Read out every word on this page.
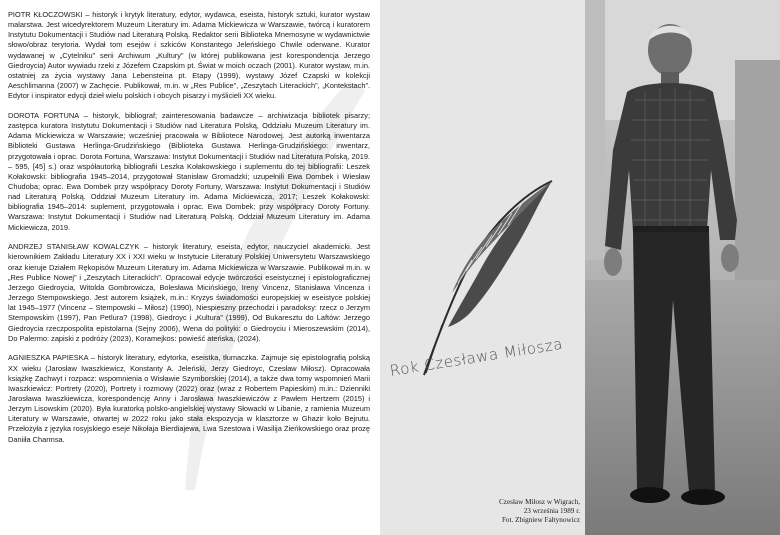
PIOTR KŁOCZOWSKI – historyk i krytyk literatury, edytor, wydawca, eseista, historyk sztuki, kurator wystaw malarstwa. Jest wicedyrektorem Muzeum Literatury im. Adama Mickiewicza w Warszawie, twórcą i kuratorem Instytutu Dokumentacji i Studiów nad Literaturą Polską. Redaktor serii Biblioteka Mnemosyne w wydawnictwie słowo/obraz terytoria. Wydał tom esejów i szkiców Konstantego Jeleńskiego Chwile oderwane. Kurator wydawanej w „Cytelniku” serii Archiwum „Kultury” (w której publikowana jest korespondencja Jerzego Giedroycia) Autor wywiadu rzeki z Józefem Czapskim pt. Świat w moich oczach (2001). Kurator wystaw, m.in. ostatniej za życia wystawy Jana Lebensteina pt. Etapy (1999), wystawy Józef Czapski w kolekcji Aeschlimanna (2007) w Zachęcie. Publikował, m.in. w „Res Publice”, „Zeszytach Literackich”, „Kontekstach”. Edytor i inspirator edycji dzieł wielu polskich i obcych pisarzy i myślicieli XX wieku.

DOROTA FORTUNA – historyk, bibliograf; zainteresowania badawcze – archiwizacja bibliotek pisarzy; zastępca kuratora Instytutu Dokumentacji i Studiów nad Literatura Polską, Oddziału Muzeum Literatury im. Adama Mickiewicza w Warszawie; wcześniej pracowała w Bibliotece Narodowej. Jest autorką inwentarza Biblioteki Gustawa Herlinga-Grudzińskiego (Biblioteka Gustawa Herlinga-Grudzińskiego: inwentarz, przygotowała i oprac. Dorota Fortuna, Warszawa: Instytut Dokumentacji i Studiów nad Literatura Polską, 2019. – 595, [45] s.) oraz współautorką bibliografii Leszka Kołakowskiego i suplementu do tej bibliografii: Leszek Kołakowski: bibliografia 1945–2014, przygotował Stanisław Gromadzki; uzupełnili Ewa Dombek i Wiesław Chudoba; oprac. Ewa Dombek przy współpracy Doroty Fortuny, Warszawa: Instytut Dokumentacji i Studiów nad Literaturą Polską. Oddział Muzeum Literatury im. Adama Mickiewicza, 2017; Leszek Kołakowski: bibliografia 1945–2014: suplement, przygotowała i oprac. Ewa Dombek; przy współpracy Doroty Fortuny. Warszawa: Instytut Dokumentacji i Studiów nad Literaturą Polską. Oddział Muzeum Literatury im. Adama Mickiewicza, 2019.

ANDRZEJ STANISŁAW KOWALCZYK – historyk literatury, eseista, edytor, nauczyciel akademicki. Jest kierownikiem Zakładu Literatury XX i XXI wieku w Instytucie Literatury Polskiej Uniwersytetu Warszawskiego oraz kieruje Działem Rękopisów Muzeum Literatury im. Adama Mickiewicza w Warszawie. Publikował m.in. w „Res Publice Nowej” i „Zeszytach Literackich”. Opracował edycje twórczości eseistycznej i epistolograficznej Jerzego Giedroycia, Witolda Gombrowicza, Bolesława Micińskiego, Ireny Vincenz, Stanisława Vincenza i Jerzego Stempowskiego. Jest autorem książek, m.in.: Kryzys świadomości europejskiej w eseistyce polskiej lat 1945–1977 (Vincenz – Stempowski – Miłosz) (1990), Niespieszny przechodzi i paradoksy: rzecz o Jerzym Stempowskim (1997), Pan Petlura? (1998), Giedroyc i „Kultura” (1999), Od Bukaresztu do Laftów: Jerzego Giedroycia rzeczpospolita epistolarna (Sejny 2006), Wena do polityki: o Giedroyciu i Mieroszewskim (2014), Do Palermo: zapiski z podróży (2023), Koramejkos: powieść ateńska, (2024).

AGNIESZKA PAPIESKA – historyk literatury, edytorka, eseistka, tłumaczka. Zajmuje się epistolografią polską XX wieku (Jarosław Iwaszkiewicz, Konstanty A. Jeleński, Jerzy Giedroyc, Czesław Miłosz). Opracowała książkę Zachwyt i rozpacz: wspomnienia o Wisławie Szymborskiej (2014), a także dwa tomy wspomnień Marii Iwaszkiewicz: Portrety (2020), Portrety i rozmowy (2022) oraz (wraz z Robertem Papieskim) m.in.: Dzienniki Jarosława Iwaszkiewicza, korespondencję Anny i Jarosława Iwaszkiewiczów z Pawłem Hertzem (2015) i Jerzym Lisowskim (2020). Była kuratorką polsko-angielskiej wystawy Słowacki w Libanie, z ramienia Muzeum Literatury w Warszawie, otwartej w 2022 roku jako stała ekspozycja w klasztorze w Ghazir koło Bejrutu. Przełożyła z języka rosyjskiego eseje Nikołaja Bierdiajewa, Lwa Szestowa i Wasilija Zieńkowskiego oraz prozę Daniiła Charmsa.

Rok Czesława Miłosza
Czesław Miłosz w Wigrach,
23 września 1989 r.
Fot. Zbigniew Fałtynowicz
